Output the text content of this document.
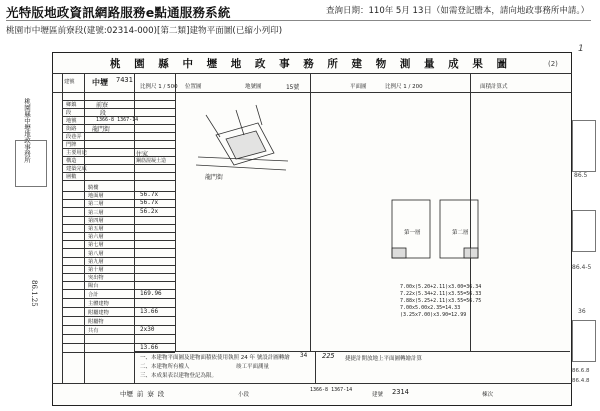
光特版地政資訊網路服務e點通服務系統	查詢日期：110年 5月 13日（如需登記謄本，請向地政事務所申請。）
桃園市中壢區前寮段(建號:02314-000)[第二類]建物平面圖(已縮小列印)
桃 園 縣 中 壢 地 政 事 務 所 建 物 測 量 成 果 圖	(2)
1
建號 中壢 7431
鄉鎮	前寮
段	段
地號	1366-8 1367-14
街路	龍門街
段巷弄
門牌
主要用途	住家
構造	鋼筋混凝土造
建築完成
層數
騎樓
地面層	56.7x
第二層	56.7x
第三層	56.2x
第四層
第五層
第六層
第七層
第八層
第九層
第十層
突出物
陽台
合計	169.96
主體建物
附屬建物	13.66
附屬物
共有	2x30
13.66
桃園縣中壢地政事務所
86.1.25
比例尺 1 / 500 位置圖	地號圖	15號	平面圖	比例尺 1 / 200	面積計算式
龍門街
第一層	第二層
7.00x(5.20+2.11)x3.00=36.34
7.22x(5.34+2.11)x3.55=56.33
7.88x(5.25+2.11)x3.55=56.75
7.00x5.00x2.35=14.33
(3.25x7.00)x3.90=12.99
一、本建物平面圖及建物面積依使用執照 24 年 號設計圖轉繪 34
二、本建物所有權人	竣工平面測量
三、本成果表以建物登記為限。
225 捷捷計開放地上平面圖轉繪計算
中壢 前 寮 段	小段
1366-8 1367-14
建號 2314	棟次
86.5
86.4-5
36
86.6.8
86.4.8
